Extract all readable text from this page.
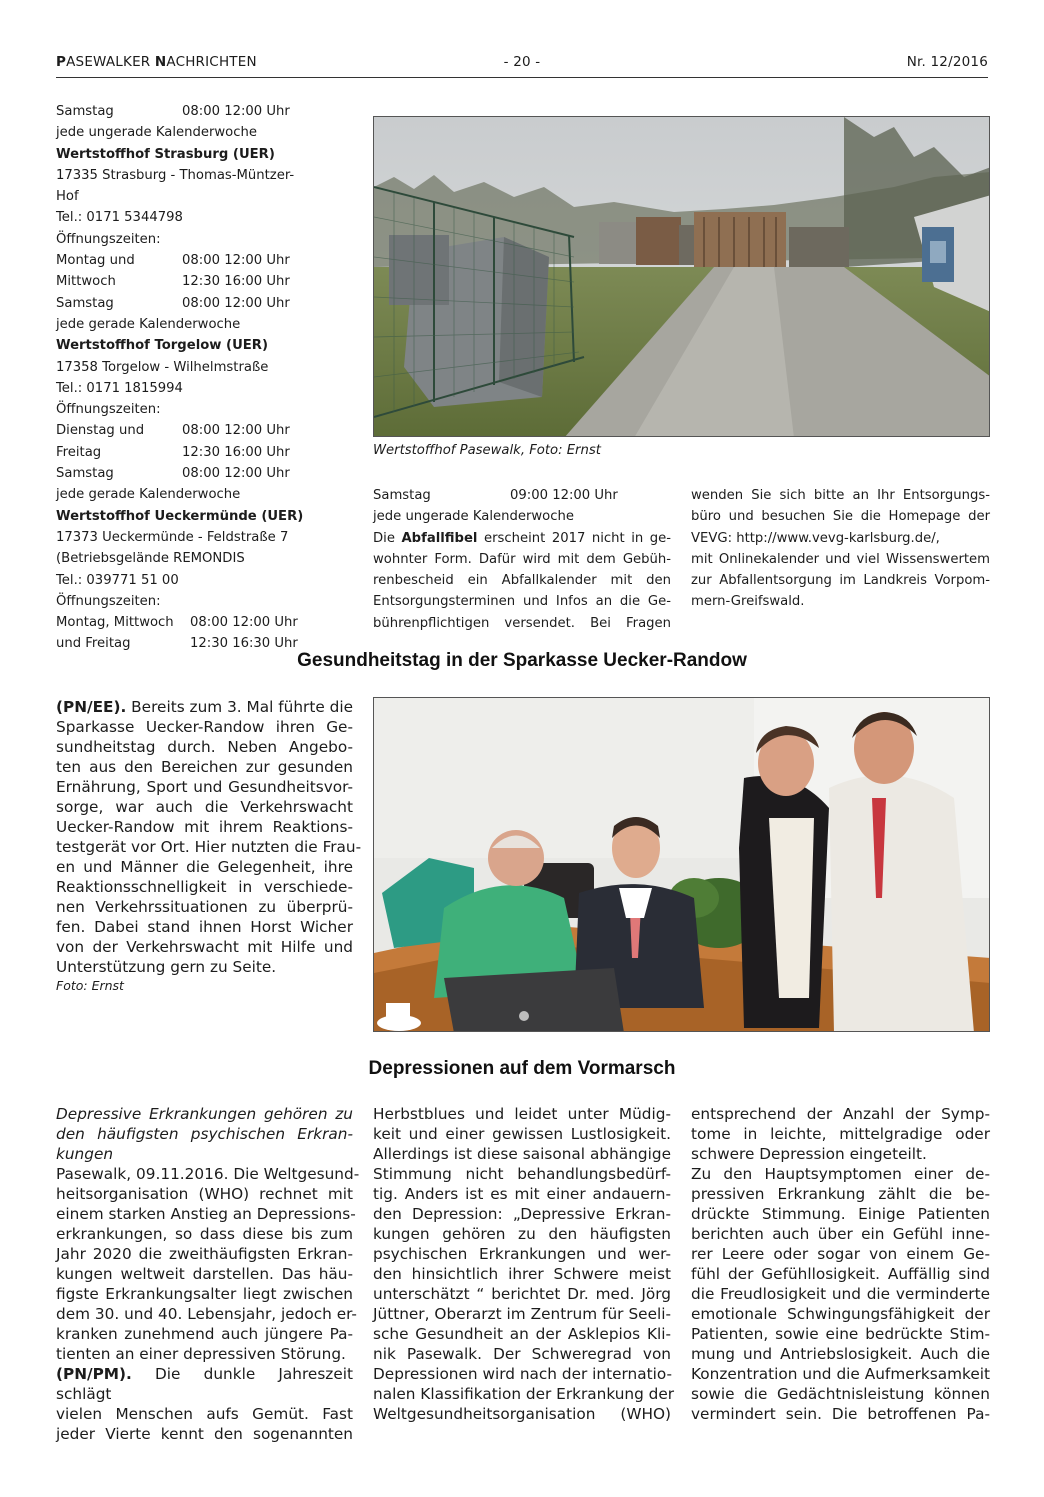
PASEWALKER NACHRICHTEN	- 20 -	Nr. 12/2016
Samstag	08:00 12:00 Uhr
jede ungerade Kalenderwoche
Wertstoffhof Strasburg (UER)
17335 Strasburg - Thomas-Müntzer-Hof
Tel.: 0171 5344798
Öffnungszeiten:
Montag und	08:00 12:00 Uhr
Mittwoch	12:30 16:00 Uhr
Samstag	08:00 12:00 Uhr
jede gerade Kalenderwoche
Wertstoffhof Torgelow (UER)
17358 Torgelow - Wilhelmstraße
Tel.: 0171 1815994
Öffnungszeiten:
Dienstag und	08:00 12:00 Uhr
Freitag	12:30 16:00 Uhr
Samstag	08:00 12:00 Uhr
jede gerade Kalenderwoche
Wertstoffhof Ueckermünde (UER)
17373 Ueckermünde - Feldstraße 7
(Betriebsgelände REMONDIS
Tel.: 039771 51 00
Öffnungszeiten:
Montag, Mittwoch	08:00 12:00 Uhr
und Freitag	12:30 16:30 Uhr
Wertstoffhof Pasewalk, Foto: Ernst
Samstag	09:00 12:00 Uhr
jede ungerade Kalenderwoche
Die Abfallfibel erscheint 2017 nicht in ge-
wohnter Form. Dafür wird mit dem Gebüh-
renbescheid ein Abfallkalender mit den
Entsorgungsterminen und Infos an die Ge-
bührenpflichtigen versendet. Bei Fragen
wenden Sie sich bitte an Ihr Entsorgungs-
büro und besuchen Sie die Homepage der
VEVG: http://www.vevg-karlsburg.de/,
mit Onlinekalender und viel Wissenswertem
zur Abfallentsorgung im Landkreis Vorpom-
mern-Greifswald.
Gesundheitstag in der Sparkasse Uecker-Randow
(PN/EE). Bereits zum 3. Mal führte die
Sparkasse Uecker-Randow ihren Ge-
sundheitstag durch. Neben Angebo-
ten aus den Bereichen zur gesunden
Ernährung, Sport und Gesundheitsvor-
sorge, war auch die Verkehrswacht
Uecker-Randow mit ihrem Reaktions-
testgerät vor Ort. Hier nutzten die Frau-
en und Männer die Gelegenheit, ihre
Reaktionsschnelligkeit in verschiede-
nen Verkehrssituationen zu überprü-
fen. Dabei stand ihnen Horst Wicher
von der Verkehrswacht mit Hilfe und
Unterstützung gern zu Seite.
Foto: Ernst
Depressionen auf dem Vormarsch
Depressive Erkrankungen gehören zu
den häufigsten psychischen Erkran-
kungen
Pasewalk, 09.11.2016. Die Weltgesund-
heitsorganisation (WHO) rechnet mit
einem starken Anstieg an Depressions-
erkrankungen, so dass diese bis zum
Jahr 2020 die zweithäufigsten Erkran-
kungen weltweit darstellen. Das häu-
figste Erkrankungsalter liegt zwischen
dem 30. und 40. Lebensjahr, jedoch er-
kranken zunehmend auch jüngere Pa-
tienten an einer depressiven Störung.
(PN/PM). Die dunkle Jahreszeit schlägt
vielen Menschen aufs Gemüt. Fast
jeder Vierte kennt den sogenannten
Herbstblues und leidet unter Müdig-
keit und einer gewissen Lustlosigkeit.
Allerdings ist diese saisonal abhängige
Stimmung nicht behandlungsbedürf-
tig. Anders ist es mit einer andauern-
den Depression: „Depressive Erkran-
kungen gehören zu den häufigsten
psychischen Erkrankungen und wer-
den hinsichtlich ihrer Schwere meist
unterschätzt “ berichtet Dr. med. Jörg
Jüttner, Oberarzt im Zentrum für Seeli-
sche Gesundheit an der Asklepios Kli-
nik Pasewalk. Der Schweregrad von
Depressionen wird nach der internatio-
nalen Klassifikation der Erkrankung der
Weltgesundheitsorganisation     (WHO)
entsprechend der Anzahl der Symp-
tome in leichte, mittelgradige oder
schwere Depression eingeteilt.
Zu den Hauptsymptomen einer de-
pressiven Erkrankung zählt die be-
drückte Stimmung. Einige Patienten
berichten auch über ein Gefühl inne-
rer Leere oder sogar von einem Ge-
fühl der Gefühllosigkeit. Auffällig sind
die Freudlosigkeit und die verminderte
emotionale Schwingungsfähigkeit der
Patienten, sowie eine bedrückte Stim-
mung und Antriebslosigkeit. Auch die
Konzentration und die Aufmerksamkeit
sowie die Gedächtnisleistung können
vermindert sein. Die betroffenen Pa-
